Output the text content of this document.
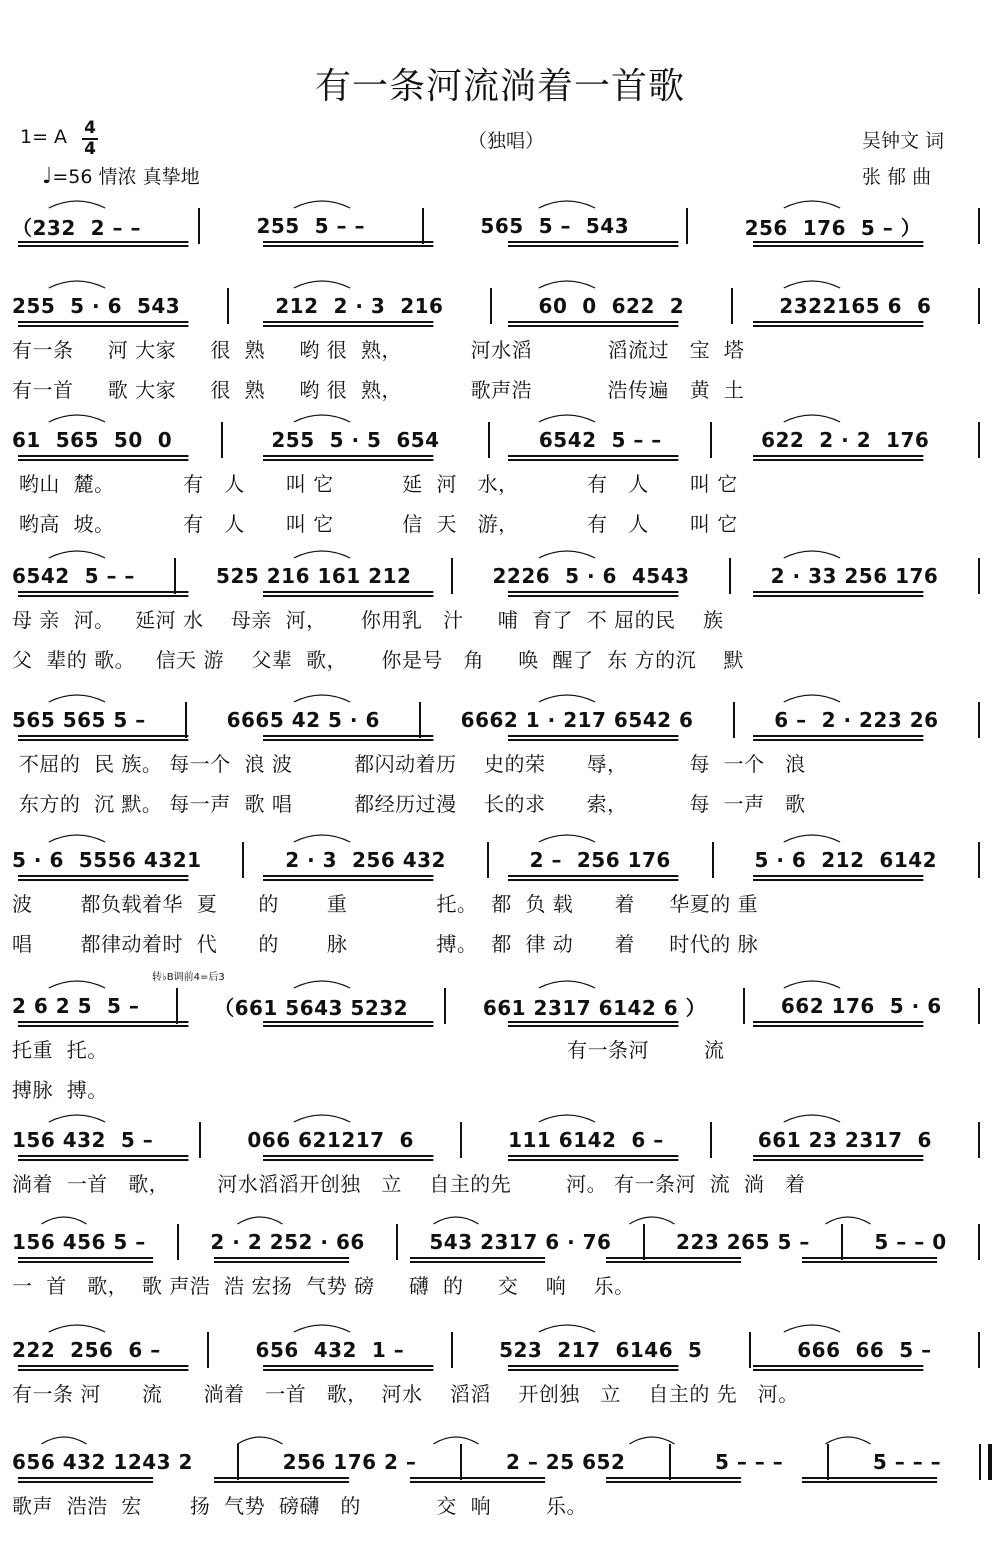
有一条河流淌着一首歌
1= A 4
4	（独唱）	吴钟文 词
♩=56 情浓 真挚地	张 郁 曲
（232  2 – –	255  5 – –	565  5 –  543	256  176  5 – ）
255  5 · 6  543	212  2 · 3  216	60  0  622  2	2322165 6  6
有一条     河 大家     很  熟     哟 很  熟，          河水滔           滔流过   宝  塔
有一首     歌 大家     很  熟     哟 很  熟，          歌声浩           浩传遍   黄  土
61  565  50  0	255  5 · 5  654	6542  5 – –	622  2 · 2  176
哟山  麓。          有   人      叫 它          延  河   水，          有   人      叫 它
哟高  坡。          有   人      叫 它          信  天   游，          有   人      叫 它
6542  5 – –	525 216 161 212	2226  5 · 6  4543	2 · 33 256 176
母 亲  河。   延河 水    母亲  河，     你用乳   汁     哺  育了  不 屈的民    族
父  辈的 歌。   信天 游    父辈  歌，     你是号   角     唤  醒了  东 方的沉    默
565 565 5 –	6665 42 5 · 6	6662 1 · 217 6542 6	6 –  2 · 223 26
不屈的  民 族。 每一个  浪 波         都闪动着历    史的荣      辱，         每  一个   浪
东方的  沉 默。 每一声  歌 唱         都经历过漫    长的求      索，         每  一声   歌
5 · 6  5556 4321	2 · 3  256 432	2 –  256 176	5 · 6  212  6142
波       都负载着华  夏      的       重             托。  都  负 载      着     华夏的 重
唱       都律动着时  代      的       脉             搏。  都  律 动      着     时代的 脉
2 6 2 5  5 –	（661 5643 5232	661 2317 6142 6 ）	662 176  5 · 6
托重  托。                                                                   有一条河        流
搏脉  搏。
转♭B调前4=后3
156 432  5 –	066 621217  6	111 6142  6 –	661 23 2317  6
淌着  一首   歌，       河水滔滔开创独   立    自主的先        河。 有一条河  流  淌   着
156 456 5 –	2 · 2 252 · 66	543 2317 6 · 76	223 265 5 –	5 – – 0
一  首   歌，  歌 声浩  浩 宏扬  气势 磅     礴  的     交    响    乐。
222  256  6 –	656  432  1 –	523  217  6146  5	666  66  5 –
有一条 河      流      淌着   一首   歌，  河水    滔滔    开创独   立    自主的 先   河。
656 432 1243 2	256 176 2 –	2 – 25 652	5 – – –	5 – – –
歌声  浩浩  宏       扬  气势  磅礴   的           交  响        乐。
